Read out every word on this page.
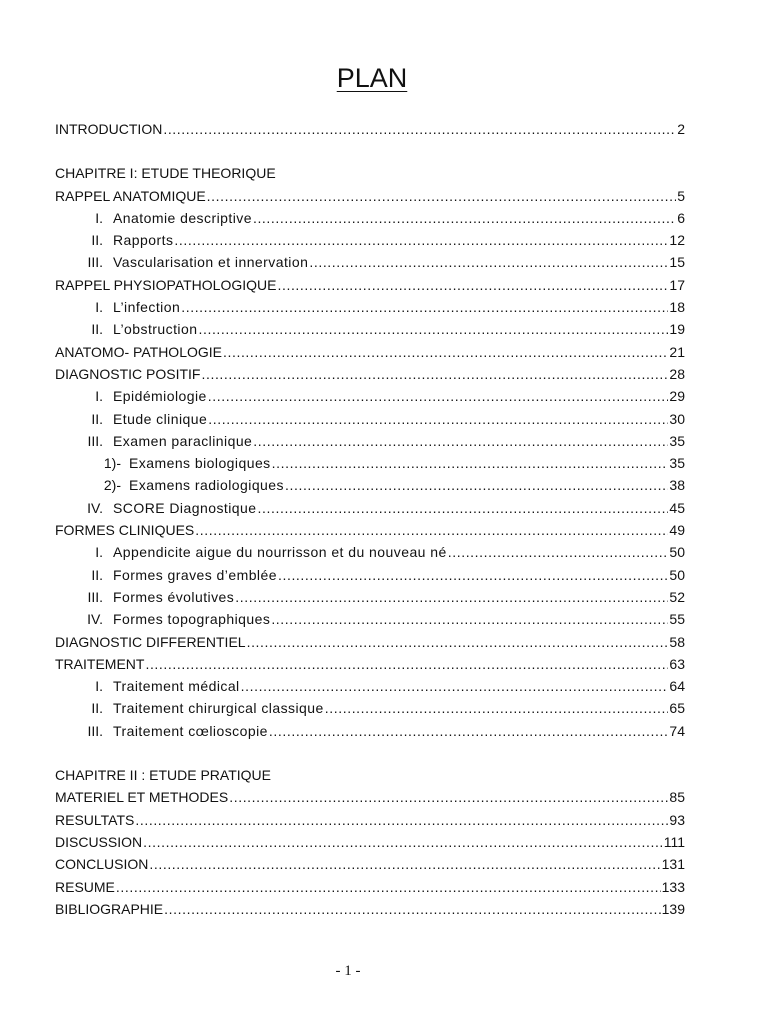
PLAN
INTRODUCTION .....	2
CHAPITRE I: ETUDE THEORIQUE
RAPPEL ANATOMIQUE .....	5
I. Anatomie descriptive .....	6
II. Rapports .....	12
III. Vascularisation et innervation .....	15
RAPPEL PHYSIOPATHOLOGIQUE .....	17
I. L’infection .....	18
II. L’obstruction .....	19
ANATOMO- PATHOLOGIE .....	21
DIAGNOSTIC POSITIF .....	28
I. Epidémiologie .....	29
II. Etude clinique .....	30
III. Examen paraclinique .....	35
1)- Examens biologiques .....	35
2)- Examens radiologiques .....	38
IV. SCORE Diagnostique .....	45
FORMES CLINIQUES .....	49
I. Appendicite aigue du nourrisson et du nouveau né .....	50
II. Formes graves d’emblée .....	50
III. Formes évolutives .....	52
IV. Formes topographiques .....	55
DIAGNOSTIC DIFFERENTIEL .....	58
TRAITEMENT .....	63
I. Traitement médical .....	64
II. Traitement chirurgical classique .....	65
III. Traitement cœlioscopie .....	74
CHAPITRE II : ETUDE PRATIQUE
MATERIEL ET METHODES .....	85
RESULTATS .....	93
DISCUSSION .....	111
CONCLUSION .....	131
RESUME .....	133
BIBLIOGRAPHIE .....	139
- 1 -
